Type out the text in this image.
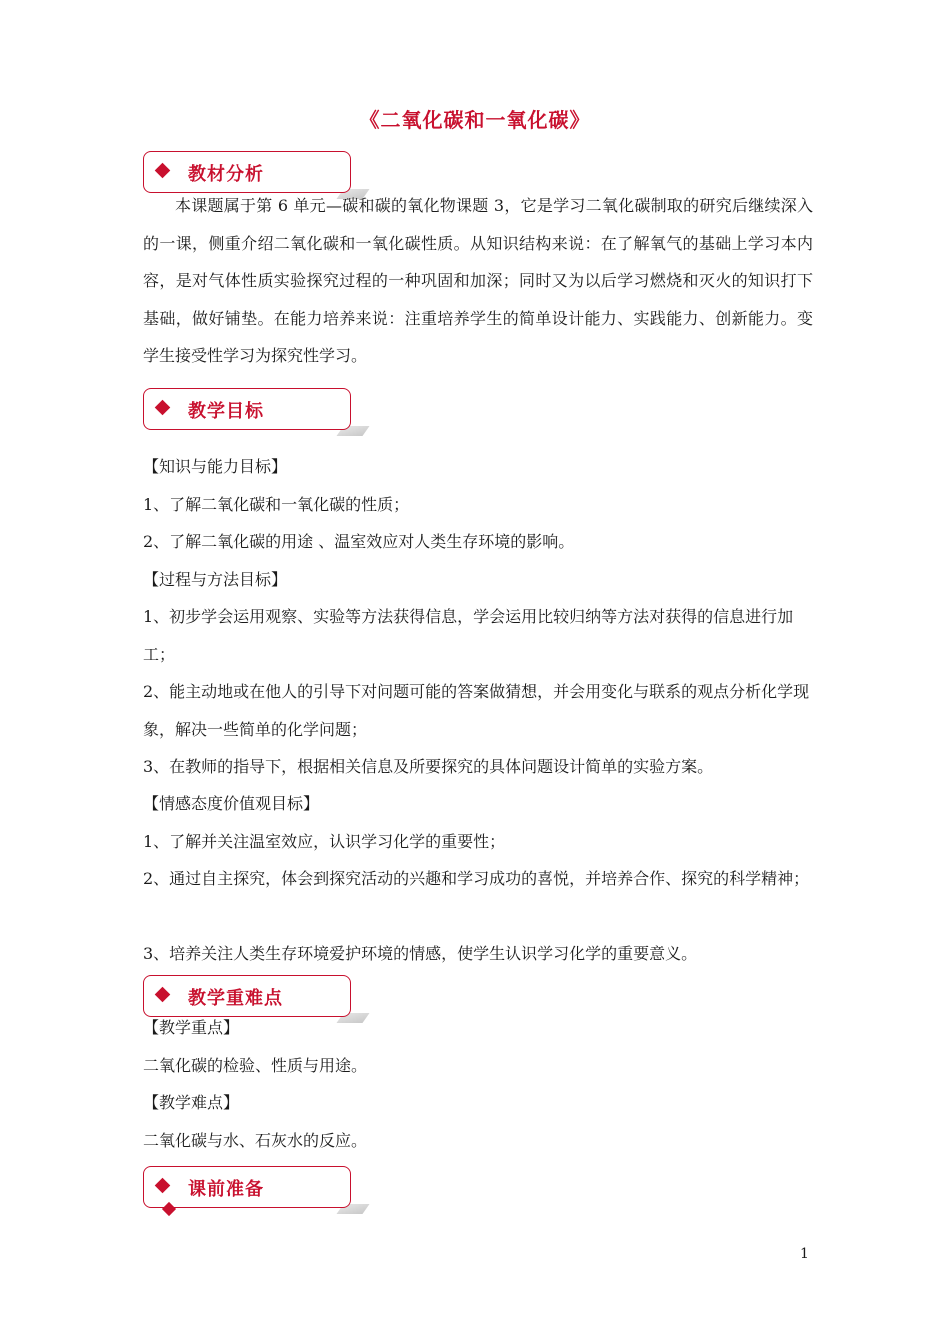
《二氧化碳和一氧化碳》
教材分析
本课题属于第 6 单元—碳和碳的氧化物课题 3，它是学习二氧化碳制取的研究后继续深入的一课，侧重介绍二氧化碳和一氧化碳性质。从知识结构来说：在了解氧气的基础上学习本内容，是对气体性质实验探究过程的一种巩固和加深；同时又为以后学习燃烧和灭火的知识打下基础，做好铺垫。在能力培养来说：注重培养学生的简单设计能力、实践能力、创新能力。变学生接受性学习为探究性学习。
教学目标
【知识与能力目标】
1、了解二氧化碳和一氧化碳的性质；
2、了解二氧化碳的用途 、温室效应对人类生存环境的影响。
【过程与方法目标】
1、初步学会运用观察、实验等方法获得信息，学会运用比较归纳等方法对获得的信息进行加工；
2、能主动地或在他人的引导下对问题可能的答案做猜想，并会用变化与联系的观点分析化学现象，解决一些简单的化学问题；
3、在教师的指导下，根据相关信息及所要探究的具体问题设计简单的实验方案。
【情感态度价值观目标】
1、了解并关注温室效应，认识学习化学的重要性；
2、通过自主探究，体会到探究活动的兴趣和学习成功的喜悦，并培养合作、探究的科学精神；
3、培养关注人类生存环境爱护环境的情感，使学生认识学习化学的重要意义。
【教学重点】
教学重难点
二氧化碳的检验、性质与用途。
【教学难点】
二氧化碳与水、石灰水的反应。
课前准备
1
